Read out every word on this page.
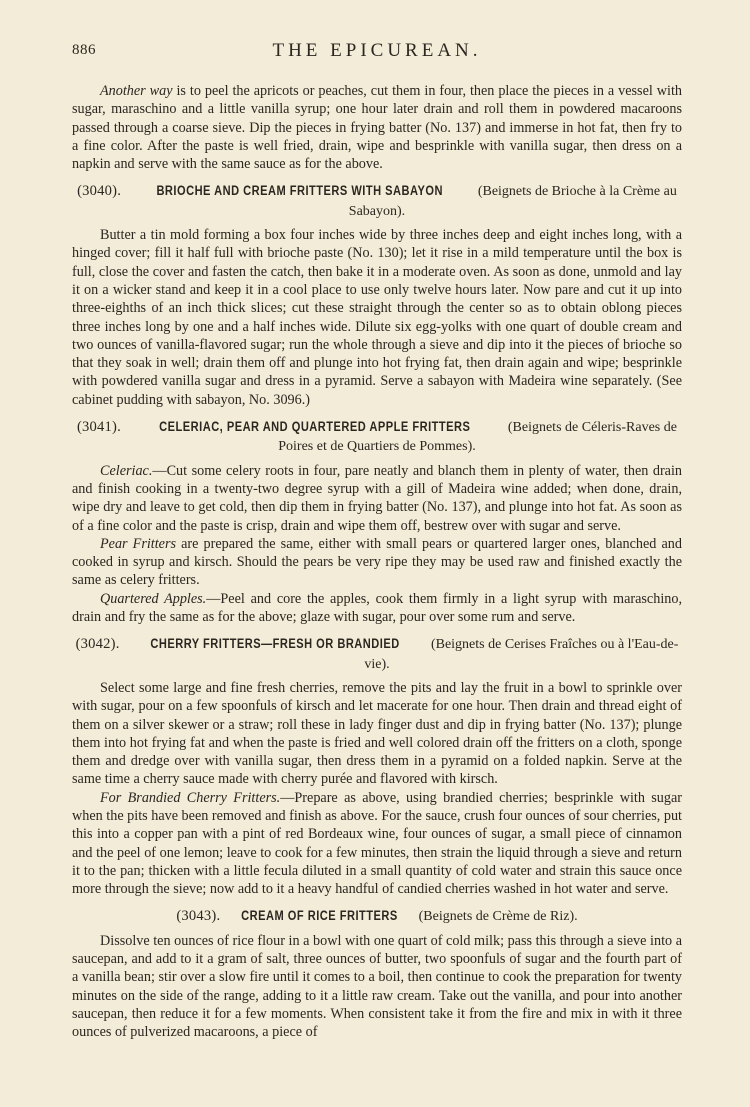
886	THE EPICUREAN.

Another way is to peel the apricots or peaches, cut them in four, then place the pieces in a vessel with sugar, maraschino and a little vanilla syrup; one hour later drain and roll them in powdered macaroons passed through a coarse sieve. Dip the pieces in frying batter (No. 137) and immerse in hot fat, then fry to a fine color. After the paste is well fried, drain, wipe and besprinkle with vanilla sugar, then dress on a napkin and serve with the same sauce as for the above.

(3040).	BRIOCHE AND CREAM FRITTERS WITH SABAYON	(Beignets de Brioche à la Crème au Sabayon).

Butter a tin mold forming a box four inches wide by three inches deep and eight inches long, with a hinged cover; fill it half full with brioche paste (No. 130); let it rise in a mild temperature until the box is full, close the cover and fasten the catch, then bake it in a moderate oven. As soon as done, unmold and lay it on a wicker stand and keep it in a cool place to use only twelve hours later. Now pare and cut it up into three-eighths of an inch thick slices; cut these straight through the center so as to obtain oblong pieces three inches long by one and a half inches wide. Dilute six egg-yolks with one quart of double cream and two ounces of vanilla-flavored sugar; run the whole through a sieve and dip into it the pieces of brioche so that they soak in well; drain them off and plunge into hot frying fat, then drain again and wipe; besprinkle with powdered vanilla sugar and dress in a pyramid. Serve a sabayon with Madeira wine separately. (See cabinet pudding with sabayon, No. 3096.)

(3041).	CELERIAC, PEAR AND QUARTERED APPLE FRITTERS	(Beignets de Céleris-Raves de Poires et de Quartiers de Pommes).

Celeriac.—Cut some celery roots in four, pare neatly and blanch them in plenty of water, then drain and finish cooking in a twenty-two degree syrup with a gill of Madeira wine added; when done, drain, wipe dry and leave to get cold, then dip them in frying batter (No. 137), and plunge into hot fat. As soon as of a fine color and the paste is crisp, drain and wipe them off, bestrew over with sugar and serve.

Pear Fritters are prepared the same, either with small pears or quartered larger ones, blanched and cooked in syrup and kirsch. Should the pears be very ripe they may be used raw and finished exactly the same as celery fritters.

Quartered Apples.—Peel and core the apples, cook them firmly in a light syrup with maraschino, drain and fry the same as for the above; glaze with sugar, pour over some rum and serve.

(3042). CHERRY FRITTERS—FRESH OR BRANDIED (Beignets de Cerises Fraîches ou à l'Eau-de-vie).

Select some large and fine fresh cherries, remove the pits and lay the fruit in a bowl to sprinkle over with sugar, pour on a few spoonfuls of kirsch and let macerate for one hour. Then drain and thread eight of them on a silver skewer or a straw; roll these in lady finger dust and dip in frying batter (No. 137); plunge them into hot frying fat and when the paste is fried and well colored drain off the fritters on a cloth, sponge them and dredge over with vanilla sugar, then dress them in a pyramid on a folded napkin. Serve at the same time a cherry sauce made with cherry purée and flavored with kirsch.

For Brandied Cherry Fritters.—Prepare as above, using brandied cherries; besprinkle with sugar when the pits have been removed and finish as above. For the sauce, crush four ounces of sour cherries, put this into a copper pan with a pint of red Bordeaux wine, four ounces of sugar, a small piece of cinnamon and the peel of one lemon; leave to cook for a few minutes, then strain the liquid through a sieve and return it to the pan; thicken with a little fecula diluted in a small quantity of cold water and strain this sauce once more through the sieve; now add to it a heavy handful of candied cherries washed in hot water and serve.

(3043). CREAM OF RICE FRITTERS (Beignets de Crème de Riz).

Dissolve ten ounces of rice flour in a bowl with one quart of cold milk; pass this through a sieve into a saucepan, and add to it a gram of salt, three ounces of butter, two spoonfuls of sugar and the fourth part of a vanilla bean; stir over a slow fire until it comes to a boil, then continue to cook the preparation for twenty minutes on the side of the range, adding to it a little raw cream. Take out the vanilla, and pour into another saucepan, then reduce it for a few moments. When consistent take it from the fire and mix in with it three ounces of pulverized macaroons, a piece of
